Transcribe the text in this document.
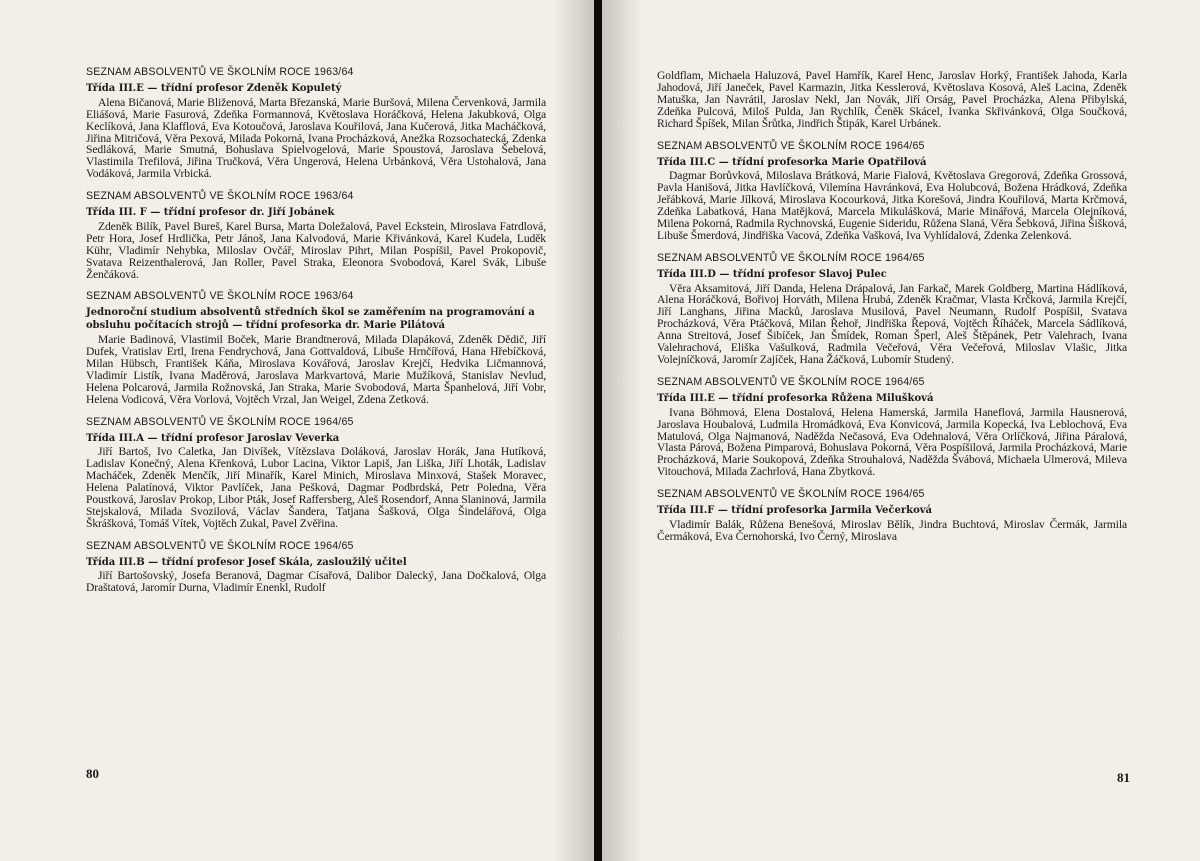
SEZNAM ABSOLVENTŮ VE ŠKOLNÍM ROCE 1963/64
Třída III.E — třídní profesor Zdeněk Kopuletý

Alena Bičanová, Marie Bliženová, Marta Březanská, Marie Buršová, Milena Červenková, Jarmila Eliášová, Marie Fasurová, Zdeňka Formannová, Květoslava Horáčková, Helena Jakubková, Olga Keclíková, Jana Klafflová, Eva Kotoučová, Jaroslava Kouřilová, Jana Kučerová, Jitka Macháčková, Jiřina Mitričová, Věra Pexová, Milada Pokorná, Ivana Procházková, Anežka Rozsochatecká, Zdenka Sedláková, Marie Smutná, Bohuslava Spielvogelová, Marie Spoustová, Jaroslava Šebelová, Vlastimila Trefilová, Jiřina Tručková, Věra Ungerová, Helena Urbánková, Věra Ustohalová, Jana Vodáková, Jarmila Vrbická.

SEZNAM ABSOLVENTŮ VE ŠKOLNÍM ROCE 1963/64
Třída III. F — třídní profesor dr. Jiří Jobánek

Zdeněk Bilík, Pavel Bureš, Karel Bursa, Marta Doležalová, Pavel Eckstein, Miroslava Fatrdlová, Petr Hora, Josef Hrdlička, Petr Jánoš, Jana Kalvodová, Marie Křivánková, Karel Kudela, Luděk Kühr, Vladimír Nehybka, Miloslav Ovčář, Miroslav Pihrt, Milan Pospíšil, Pavel Prokopovič, Svatava Reizenthalerová, Jan Roller, Pavel Straka, Eleonora Svobodová, Karel Svák, Libuše Ženčáková.

SEZNAM ABSOLVENTŮ VE ŠKOLNÍM ROCE 1963/64
Jednoroční studium absolventů středních škol se zaměřením na programování a obsluhu počítacích strojů — třídní profesorka dr. Marie Pilátová

Marie Badinová, Vlastimil Boček, Marie Brandtnerová, Milada Dlapáková, Zdeněk Dědič, Jiří Dufek, Vratislav Ertl, Irena Fendrychová, Jana Gottvaldová, Libuše Hrnčířová, Hana Hřebíčková, Milan Hübsch, František Káňa, Miroslava Kovářová, Jaroslav Krejčí, Hedvika Ličmannová, Vladimír Listík, Ivana Maděrová, Jaroslava Markvartová, Marie Mužíková, Stanislav Nevlud, Helena Polcarová, Jarmila Rožnovská, Jan Straka, Marie Svobodová, Marta Španhelová, Jiří Vobr, Helena Vodicová, Věra Vorlová, Vojtěch Vrzal, Jan Weigel, Zdena Zetková.

SEZNAM ABSOLVENTŮ VE ŠKOLNÍM ROCE 1964/65
Třída III.A — třídní profesor Jaroslav Veverka

Jiří Bartoš, Ivo Caletka, Jan Divíšek, Vítězslava Doláková, Jaroslav Horák, Jana Hutíková, Ladislav Konečný, Alena Křenková, Lubor Lacina, Viktor Lapiš, Jan Liška, Jiří Lhoták, Ladislav Macháček, Zdeněk Menčík, Jiří Minařík, Karel Minich, Miroslava Minxová, Stašek Moravec, Helena Palatínová, Viktor Pavlíček, Jana Pešková, Dagmar Podbrdská, Petr Poledna, Věra Poustková, Jaroslav Prokop, Libor Pták, Josef Raffersberg, Aleš Rosendorf, Anna Slaninová, Jarmila Stejskalová, Milada Svozilová, Václav Šandera, Tatjana Šašková, Olga Šindelářová, Olga Škrášková, Tomáš Vítek, Vojtěch Zukal, Pavel Zvěřina.

SEZNAM ABSOLVENTŮ VE ŠKOLNÍM ROCE 1964/65
Třída III.B — třídní profesor Josef Skála, zasloužilý učitel

Jiří Bartošovský, Josefa Beranová, Dagmar Císařová, Dalibor Dalecký, Jana Dočkalová, Olga Draštatová, Jaromír Durna, Vladimír Enenkl, Rudolf

80

Goldflam, Michaela Haluzová, Pavel Hamřík, Karel Henc, Jaroslav Horký, František Jahoda, Karla Jahodová, Jiří Janeček, Pavel Karmazin, Jitka Kesslerová, Květoslava Kosová, Aleš Lacina, Zdeněk Matuška, Jan Navrátil, Jaroslav Nekl, Jan Novák, Jiří Orság, Pavel Procházka, Alena Přibylská, Zdeňka Pulcová, Miloš Pulda, Jan Rychlík, Čeněk Skácel, Ivanka Skřivánková, Olga Součková, Richard Špíšek, Milan Šrůtka, Jindřich Štipák, Karel Urbánek.

SEZNAM ABSOLVENTŮ VE ŠKOLNÍM ROCE 1964/65
Třída III.C — třídní profesorka Marie Opatřilová

Dagmar Borůvková, Miloslava Brátková, Marie Fialová, Květoslava Gregorová, Zdeňka Grossová, Pavla Hanišová, Jitka Havlíčková, Vilemína Havránková, Eva Holubcová, Božena Hrádková, Zdeňka Jeřábková, Marie Jílková, Miroslava Kocourková, Jitka Korešová, Jindra Kouřilová, Marta Krčmová, Zdeňka Labatková, Hana Matějková, Marcela Mikulášková, Marie Minářová, Marcela Olejníková, Milena Pokorná, Radmila Rychnovská, Eugenie Sideridu, Růžena Slaná, Věra Šebková, Jiřina Šišková, Libuše Šmerdová, Jindřiška Vacová, Zdeňka Vašková, Iva Vyhlídalová, Zdenka Zelenková.

SEZNAM ABSOLVENTŮ VE ŠKOLNÍM ROCE 1964/65
Třída III.D — třídní profesor Slavoj Pulec

Věra Aksamitová, Jiří Danda, Helena Drápalová, Jan Farkač, Marek Goldberg, Martina Hádlíková, Alena Horáčková, Bořivoj Horváth, Milena Hrubá, Zdeněk Kračmar, Vlasta Krčková, Jarmila Krejčí, Jiří Langhans, Jiřina Macků, Jaroslava Musilová, Pavel Neumann, Rudolf Pospíšil, Svatava Procházková, Věra Ptáčková, Milan Řehoř, Jindřiška Řepová, Vojtěch Říháček, Marcela Sádlíková, Anna Streitová, Josef Šibíček, Jan Šmídek, Roman Šperl, Aleš Štěpánek, Petr Valehrach, Ivana Valehrachová, Eliška Vašulková, Radmila Večeřová, Věra Večeřová, Miloslav Vlašic, Jitka Volejníčková, Jaromír Zajíček, Hana Žáčková, Lubomír Studený.

SEZNAM ABSOLVENTŮ VE ŠKOLNÍM ROCE 1964/65
Třída III.E — třídní profesorka Růžena Milušková

Ivana Böhmová, Elena Dostalová, Helena Hamerská, Jarmila Haneflová, Jarmila Hausnerová, Jaroslava Houbalová, Ludmila Hromádková, Eva Konvicová, Jarmila Kopecká, Iva Leblochová, Eva Matulová, Olga Najmanová, Naděžda Nečasová, Eva Odehnalová, Věra Orlíčková, Jiřina Páralová, Vlasta Párová, Božena Pimparová, Bohuslava Pokorná, Věra Pospíšilová, Jarmila Procházková, Marie Procházková, Marie Soukopová, Zdeňka Strouhalová, Naděžda Švábová, Michaela Ulmerová, Mileva Vitouchová, Milada Zachrlová, Hana Zbytková.

SEZNAM ABSOLVENTŮ VE ŠKOLNÍM ROCE 1964/65
Třída III.F — třídní profesorka Jarmila Večerková

Vladimír Balák, Růžena Benešová, Miroslav Bělík, Jindra Buchtová, Miroslav Čermák, Jarmila Čermáková, Eva Černohorská, Ivo Černý, Miroslava

81
